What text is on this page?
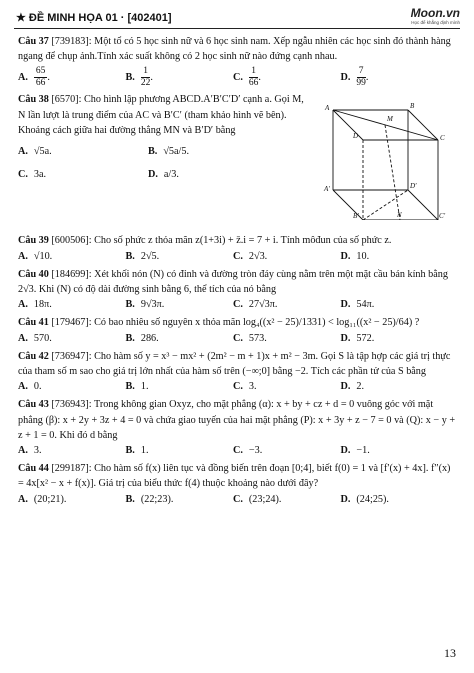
★ ĐỀ MINH HỌA 01 · [402401]	Moon.vn
Học để khẳng định mình
Câu 37 [739183]: Một tổ có 5 học sinh nữ và 6 học sinh nam. Xếp ngẫu nhiên các học sinh đó thành hàng ngang để chụp ảnh.Tính xác suất không có 2 học sinh nữ nào đứng cạnh nhau.
A. $\frac{65}{66}$ .	B. $\frac{1}{22}$ .	C. $\frac{1}{66}$ .	D. $\frac{7}{99}$ .
Câu 38 [6570]: Cho hình lập phương ABCD.A′B′C′D′ cạnh a. Gọi M, N lần lượt là trung điểm của AC và B′C′ (tham khảo hình vẽ bên). Khoảng cách giữa hai đường thẳng MN và B′D′ bằng
A. √5a.	B. √5a/5.
C. 3a.	D. a/3.
A	B
C
D
M
A′
B′	C′
D′
N
Câu 39 [600506]: Cho số phức z thỏa mãn z(1+3i) + z̄.i = 7 + i. Tính môđun của số phức z.
A. √10.	B. 2√5.	C. 2√3.	D. 10.
Câu 40 [184699]: Xét khối nón (N) có đỉnh và đường tròn đáy cùng nằm trên một mặt cầu bán kính bằng 2√3. Khi (N) có độ dài đường sinh bằng 6, thể tích của nó bằng
A. 18π.	B. 9√3π.	C. 27√3π.	D. 54π.
Câu 41 [179467]: Có bao nhiêu số nguyên x thỏa mãn log₄((x² − 25)/1331) < log₁₁((x² − 25)/64) ?
A. 570.	B. 286.	C. 573.	D. 572.
Câu 42 [736947]: Cho hàm số y = x³ − mx² + (2m² − m + 1)x + m² − 3m. Gọi S là tập hợp các giá trị thực của tham số m sao cho giá trị lớn nhất của hàm số trên (−∞;0] bằng −2. Tích các phần tử của S bằng
A. 0.	B. 1.	C. 3.	D. 2.
Câu 43 [736943]: Trong không gian Oxyz, cho mặt phẳng (α): x + by + cz + d = 0 vuông góc với mặt phẳng (β): x + 2y + 3z + 4 = 0 và chứa giao tuyến của hai mặt phẳng (P): x + 3y + z − 7 = 0 và (Q): x − y + z + 1 = 0. Khi đó d bằng
A. 3.	B. 1.	C. −3.	D. −1.
Câu 44 [299187]: Cho hàm số f(x) liên tục và đồng biến trên đoạn [0;4], biết f(0) = 1 và [f′(x) + 4x]. f″(x) = 4x[x² − x + f(x)]. Giá trị của biểu thức f(4) thuộc khoảng nào dưới đây?
A. (20;21).	B. (22;23).	C. (23;24).	D. (24;25).
13
